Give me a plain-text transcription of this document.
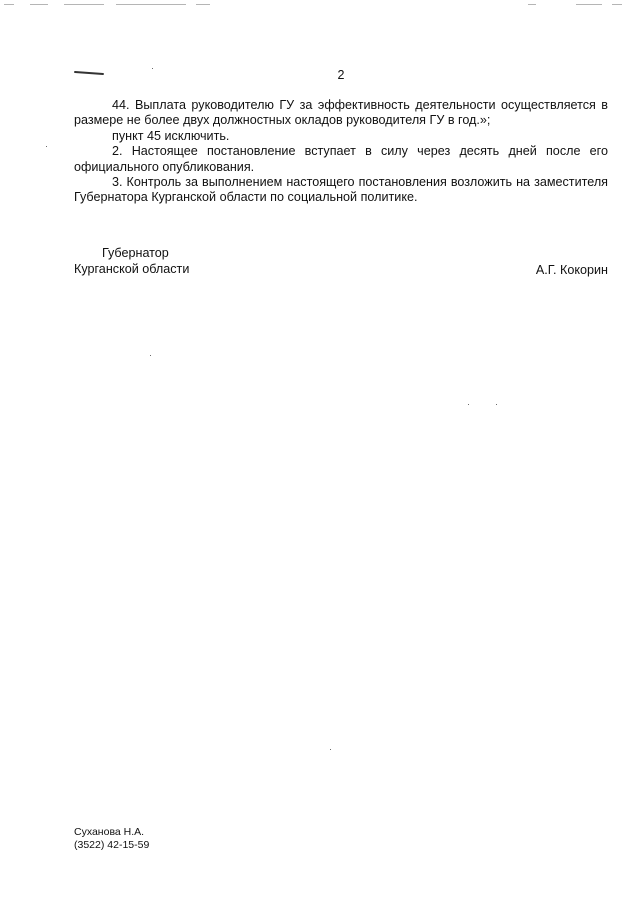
2

44. Выплата руководителю ГУ за эффективность деятельности осуществляется в размере не более двух должностных окладов руководителя ГУ в год.»;

пункт 45 исключить.

2. Настоящее постановление вступает в силу через десять дней после его официального опубликования.

3. Контроль за выполнением настоящего постановления возложить на заместителя Губернатора Курганской области по социальной политике.

Губернатор
Курганской области	А.Г. Кокорин
Суханова Н.А.
(3522) 42-15-59
